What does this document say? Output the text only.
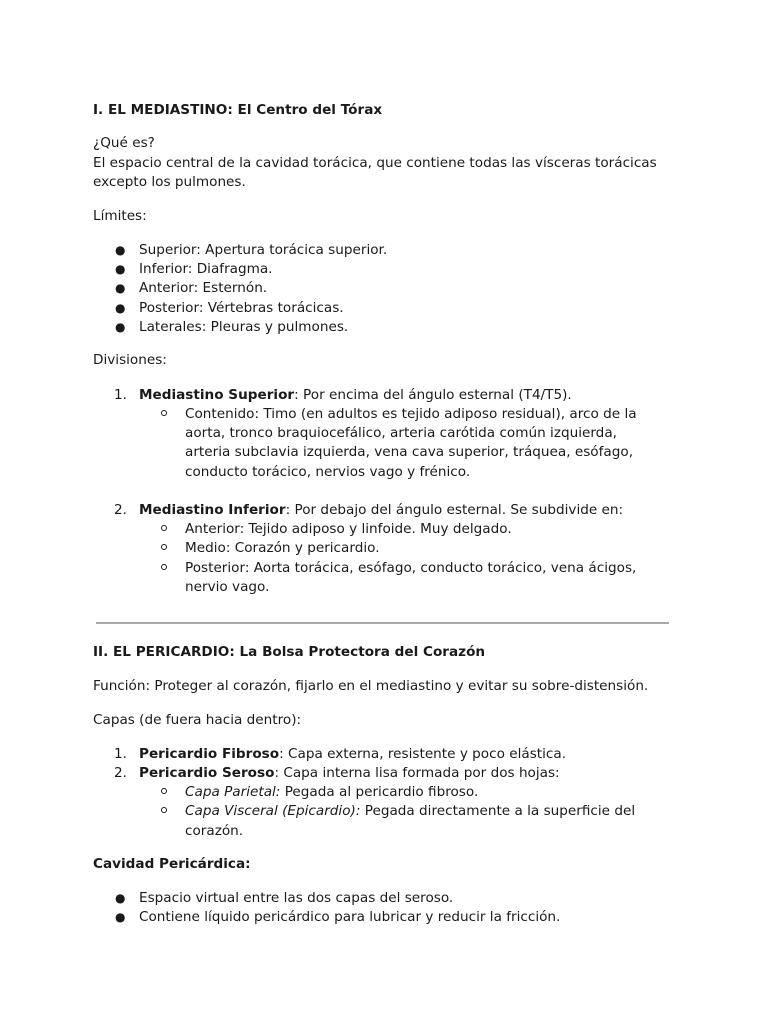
I. EL MEDIASTINO: El Centro del Tórax

¿Qué es?

El espacio central de la cavidad torácica, que contiene todas las vísceras torácicas

excepto los pulmones.

Límites:

● Superior: Apertura torácica superior.

● Inferior: Diafragma.

● Anterior: Esternón.

● Posterior: Vértebras torácicas.

● Laterales: Pleuras y pulmones.

Divisiones:

1. Mediastino Superior: Por encima del ángulo esternal (T4/T5).

Contenido: Timo (en adultos es tejido adiposo residual), arco de la

aorta, tronco braquiocefálico, arteria carótida común izquierda,

arteria subclavia izquierda, vena cava superior, tráquea, esófago,

conducto torácico, nervios vago y frénico.

2. Mediastino Inferior: Por debajo del ángulo esternal. Se subdivide en:

Anterior: Tejido adiposo y linfoide. Muy delgado.

Medio: Corazón y pericardio.

Posterior: Aorta torácica, esófago, conducto torácico, vena ácigos,

nervio vago.

II. EL PERICARDIO: La Bolsa Protectora del Corazón

Función: Proteger al corazón, fijarlo en el mediastino y evitar su sobre-distensión.

Capas (de fuera hacia dentro):

1. Pericardio Fibroso: Capa externa, resistente y poco elástica.

2. Pericardio Seroso: Capa interna lisa formada por dos hojas:

Capa Parietal: Pegada al pericardio fibroso.

Capa Visceral (Epicardio): Pegada directamente a la superficie del

corazón.

Cavidad Pericárdica:

● Espacio virtual entre las dos capas del seroso.

● Contiene líquido pericárdico para lubricar y reducir la fricción.
